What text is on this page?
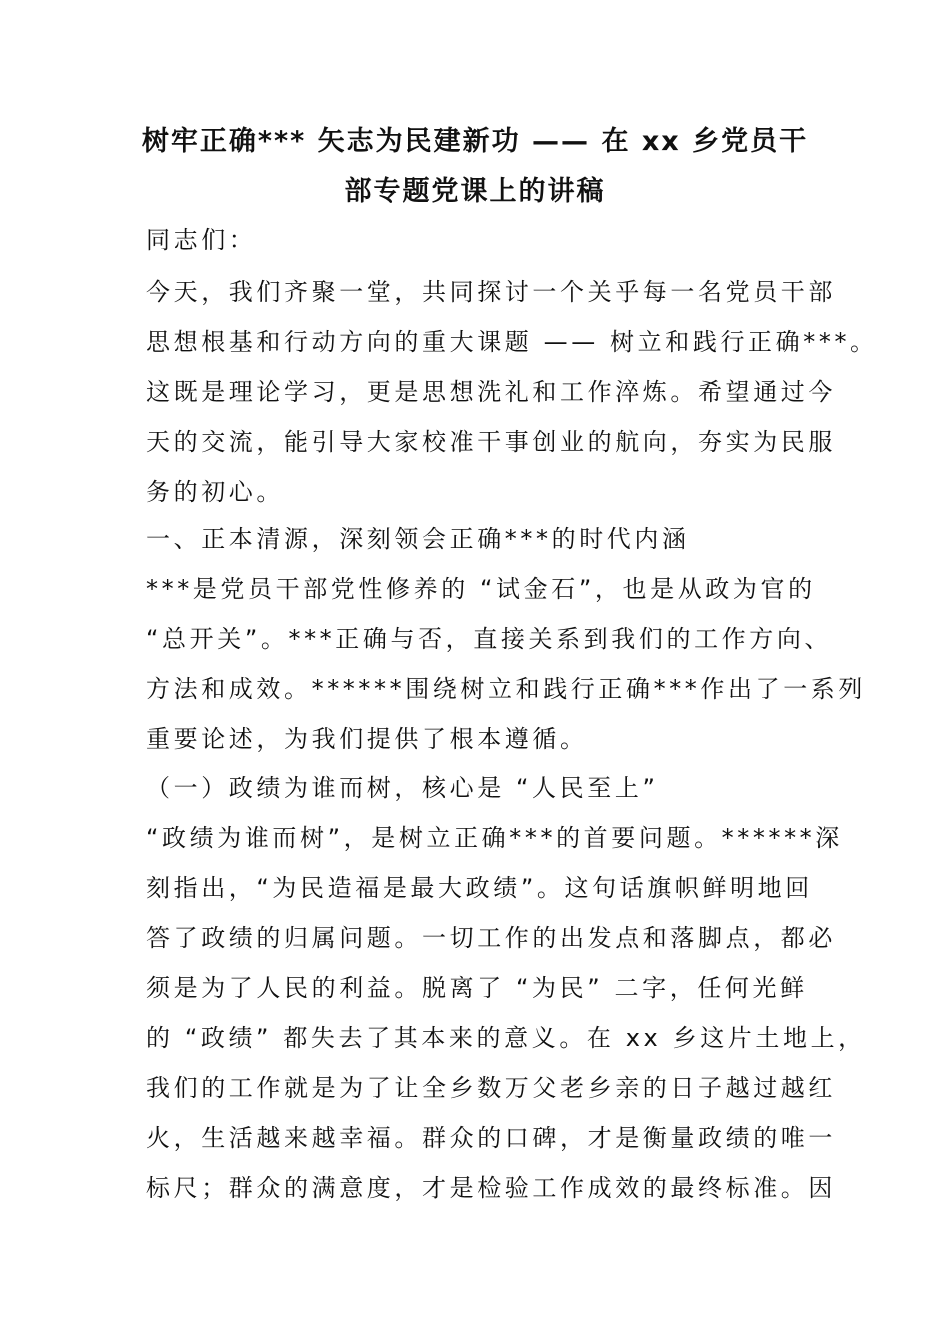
树牢正确*** 矢志为民建新功 —— 在 xx 乡党员干
部专题党课上的讲稿
同志们：
今天，我们齐聚一堂，共同探讨一个关乎每一名党员干部
思想根基和行动方向的重大课题 —— 树立和践行正确***。
这既是理论学习，更是思想洗礼和工作淬炼。希望通过今
天的交流，能引导大家校准干事创业的航向，夯实为民服
务的初心。
一、正本清源，深刻领会正确***的时代内涵
***是党员干部党性修养的 “试金石”，也是从政为官的
“总开关”。***正确与否，直接关系到我们的工作方向、
方法和成效。******围绕树立和践行正确***作出了一系列
重要论述，为我们提供了根本遵循。
（一）政绩为谁而树，核心是 “人民至上”
“政绩为谁而树”，是树立正确***的首要问题。******深
刻指出，“为民造福是最大政绩”。这句话旗帜鲜明地回
答了政绩的归属问题。一切工作的出发点和落脚点，都必
须是为了人民的利益。脱离了 “为民” 二字，任何光鲜
的 “政绩” 都失去了其本来的意义。在 xx 乡这片土地上，
我们的工作就是为了让全乡数万父老乡亲的日子越过越红
火，生活越来越幸福。群众的口碑，才是衡量政绩的唯一
标尺；群众的满意度，才是检验工作成效的最终标准。因
